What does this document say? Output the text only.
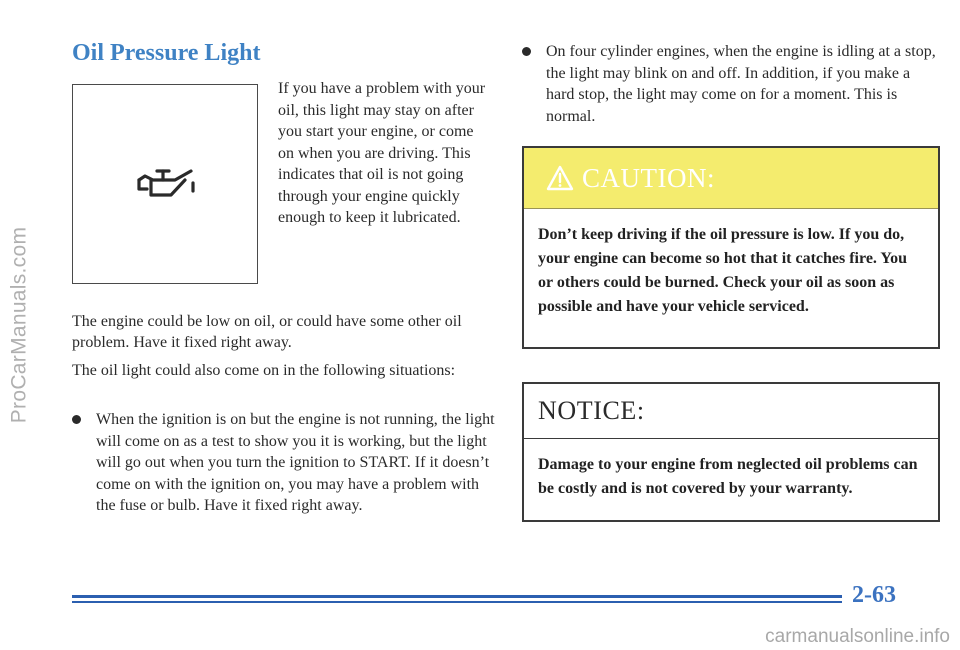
ProCarManuals.com
Oil Pressure Light

If you have a problem with your oil, this light may stay on after you start your engine, or come on when you are driving. This indicates that oil is not going through your engine quickly enough to keep it lubricated.

The engine could be low on oil, or could have some other oil problem. Have it fixed right away.

The oil light could also come on in the following situations:

When the ignition is on but the engine is not running, the light will come on as a test to show you it is working, but the light will go out when you turn the ignition to START. If it doesn’t come on with the ignition on, you may have a problem with the fuse or bulb. Have it fixed right away.
On four cylinder engines, when the engine is idling at a stop, the light may blink on and off. In addition, if you make a hard stop, the light may come on for a moment. This is normal.
CAUTION:

Don’t keep driving if the oil pressure is low. If you do, your engine can become so hot that it catches fire. You or others could be burned. Check your oil as soon as possible and have your vehicle serviced.

NOTICE:

Damage to your engine from neglected oil problems can be costly and is not covered by your warranty.

2-63

carmanualsonline.info
